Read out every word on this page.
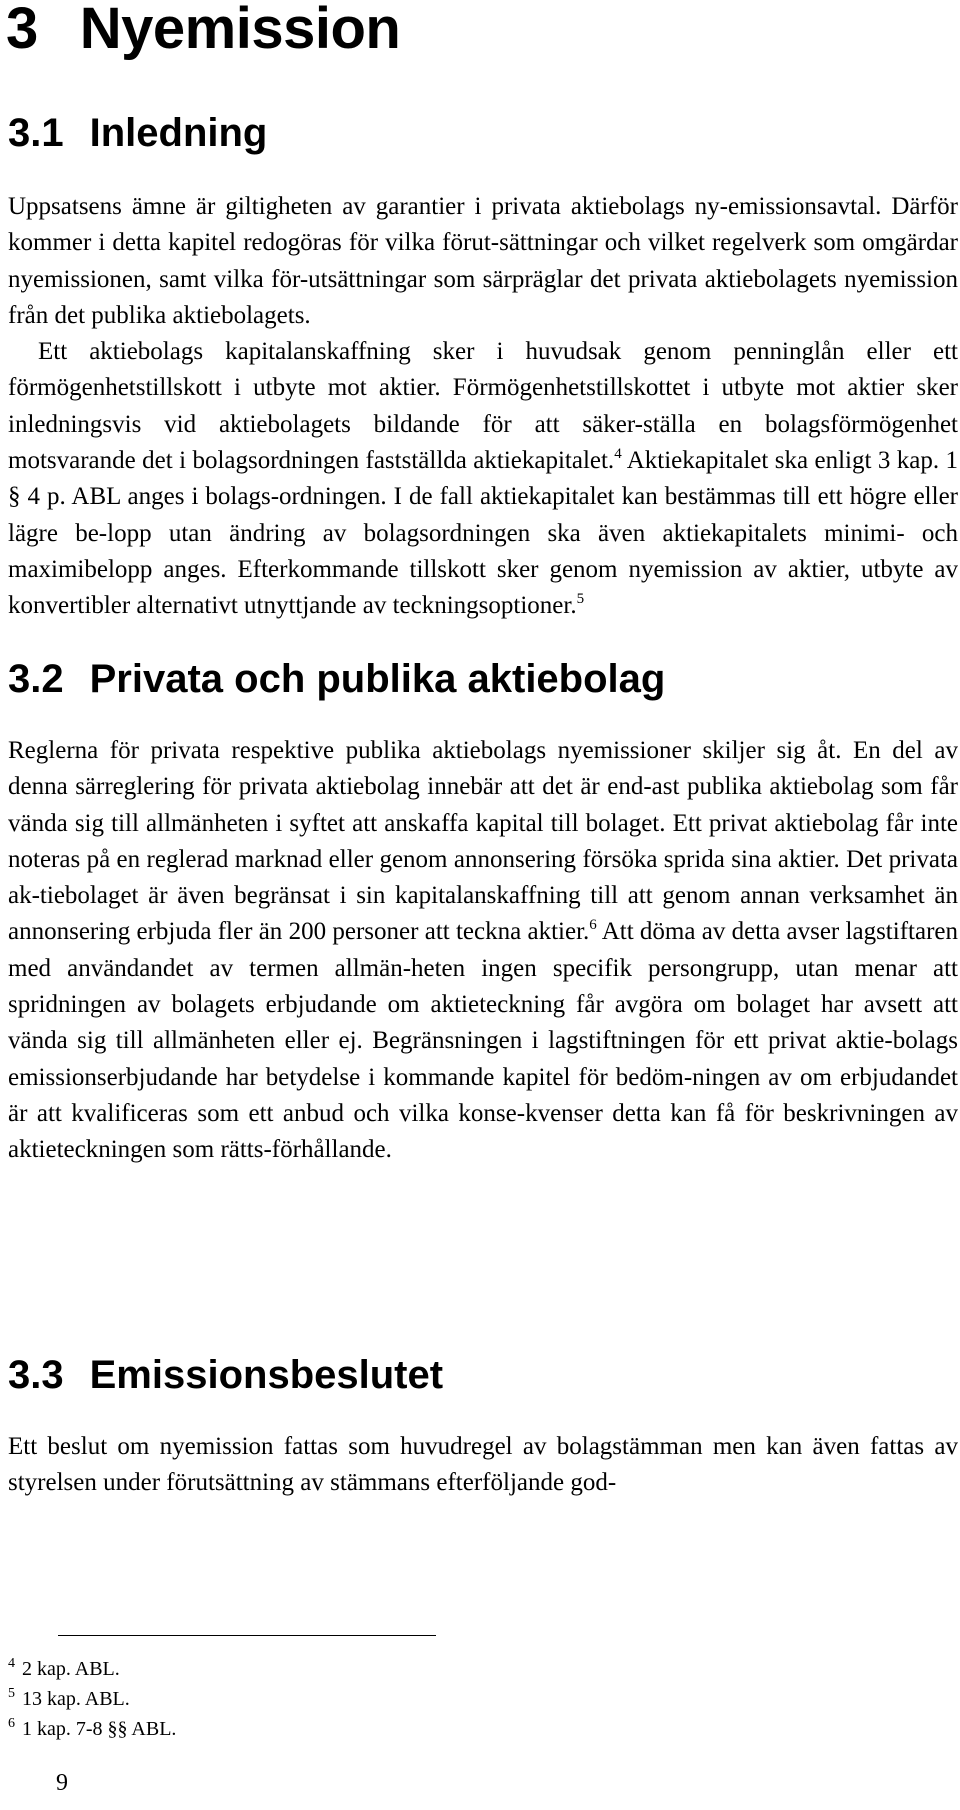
3 Nyemission
3.1 Inledning

Uppsatsens ämne är giltigheten av garantier i privata aktiebolags ny-emissionsavtal. Därför kommer i detta kapitel redogöras för vilka förut-sättningar och vilket regelverk som omgärdar nyemissionen, samt vilka för-utsättningar som särpräglar det privata aktiebolagets nyemission från det publika aktiebolagets.

Ett aktiebolags kapitalanskaffning sker i huvudsak genom penninglån eller ett förmögenhetstillskott i utbyte mot aktier. Förmögenhetstillskottet i utbyte mot aktier sker inledningsvis vid aktiebolagets bildande för att säker-ställa en bolagsförmögenhet motsvarande det i bolagsordningen fastställda aktiekapitalet.$^4$ Aktiekapitalet ska enligt 3 kap. 1 § 4 p. ABL anges i bolags-ordningen. I de fall aktiekapitalet kan bestämmas till ett högre eller lägre be-lopp utan ändring av bolagsordningen ska även aktiekapitalets minimi- och maximibelopp anges. Efterkommande tillskott sker genom nyemission av aktier, utbyte av konvertibler alternativt utnyttjande av teckningsoptioner.$^5$

3.2 Privata och publika aktiebolag

Reglerna för privata respektive publika aktiebolags nyemissioner skiljer sig åt. En del av denna särreglering för privata aktiebolag innebär att det är end-ast publika aktiebolag som får vända sig till allmänheten i syftet att anskaffa kapital till bolaget. Ett privat aktiebolag får inte noteras på en reglerad marknad eller genom annonsering försöka sprida sina aktier. Det privata ak-tiebolaget är även begränsat i sin kapitalanskaffning till att genom annan verksamhet än annonsering erbjuda fler än 200 personer att teckna aktier.$^6$ Att döma av detta avser lagstiftaren med användandet av termen allmän-heten ingen specifik persongrupp, utan menar att spridningen av bolagets erbjudande om aktieteckning får avgöra om bolaget har avsett att vända sig till allmänheten eller ej. Begränsningen i lagstiftningen för ett privat aktie-bolags emissionserbjudande har betydelse i kommande kapitel för bedöm-ningen av om erbjudandet är att kvalificeras som ett anbud och vilka konse-kvenser detta kan få för beskrivningen av aktieteckningen som rätts-förhållande.

3.3 Emissionsbeslutet

Ett beslut om nyemission fattas som huvudregel av bolagstämman men kan även fattas av styrelsen under förutsättning av stämmans efterföljande god-

$^4$ 2 kap. ABL.
$^5$ 13 kap. ABL.
$^6$ 1 kap. 7-8 §§ ABL.
9
